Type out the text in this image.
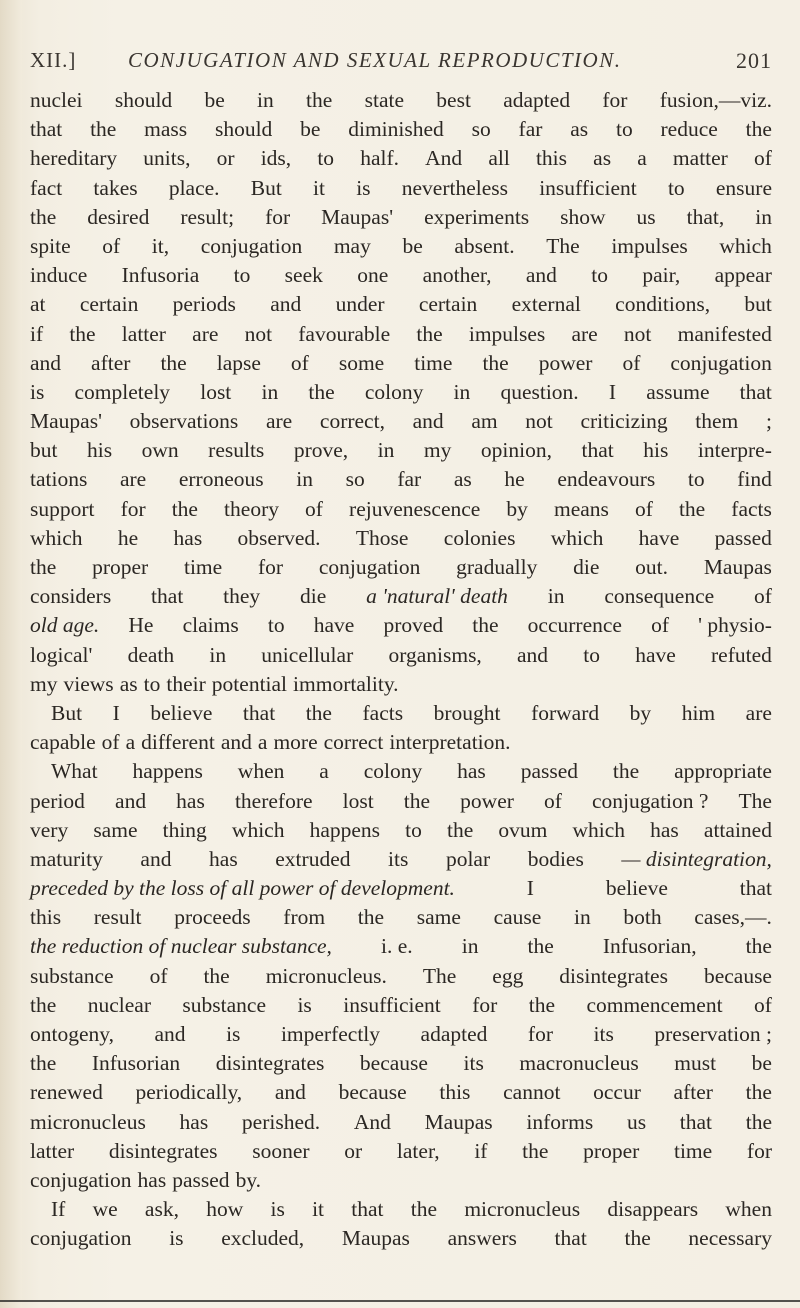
XII.] CONJUGATION AND SEXUAL REPRODUCTION.	201
nuclei should be in the state best adapted for fusion,—viz.
that the mass should be diminished so far as to reduce the
hereditary units, or ids, to half. And all this as a matter of
fact takes place. But it is nevertheless insufficient to ensure
the desired result; for Maupas' experiments show us that, in
spite of it, conjugation may be absent. The impulses which
induce Infusoria to seek one another, and to pair, appear
at certain periods and under certain external conditions, but
if the latter are not favourable the impulses are not manifested
and after the lapse of some time the power of conjugation
is completely lost in the colony in question. I assume that
Maupas' observations are correct, and am not criticizing them ;
but his own results prove, in my opinion, that his interpre-
tations are erroneous in so far as he endeavours to find
support for the theory of rejuvenescence by means of the facts
which he has observed. Those colonies which have passed
the proper time for conjugation gradually die out. Maupas
considers that they die a 'natural' death in consequence of
old age. He claims to have proved the occurrence of ' physio-
logical' death in unicellular organisms, and to have refuted
my views as to their potential immortality.
But I believe that the facts brought forward by him are
capable of a different and a more correct interpretation.
What happens when a colony has passed the appropriate
period and has therefore lost the power of conjugation ? The
very same thing which happens to the ovum which has attained
maturity and has extruded its polar bodies — disintegration,
preceded by the loss of all power of development.	I	believe	that
this result proceeds from the same cause in both cases,—.
the reduction of nuclear substance, i. e. in the Infusorian, the
substance of the micronucleus. The egg disintegrates because
the nuclear substance is insufficient for the commencement of
ontogeny, and is imperfectly adapted for its preservation ;
the Infusorian disintegrates because its macronucleus must be
renewed periodically, and because this cannot occur after the
micronucleus has perished. And Maupas informs us that the
latter disintegrates sooner or later, if the proper time for
conjugation has passed by.
If we ask, how is it that the micronucleus disappears when
conjugation is excluded, Maupas answers that the necessary
